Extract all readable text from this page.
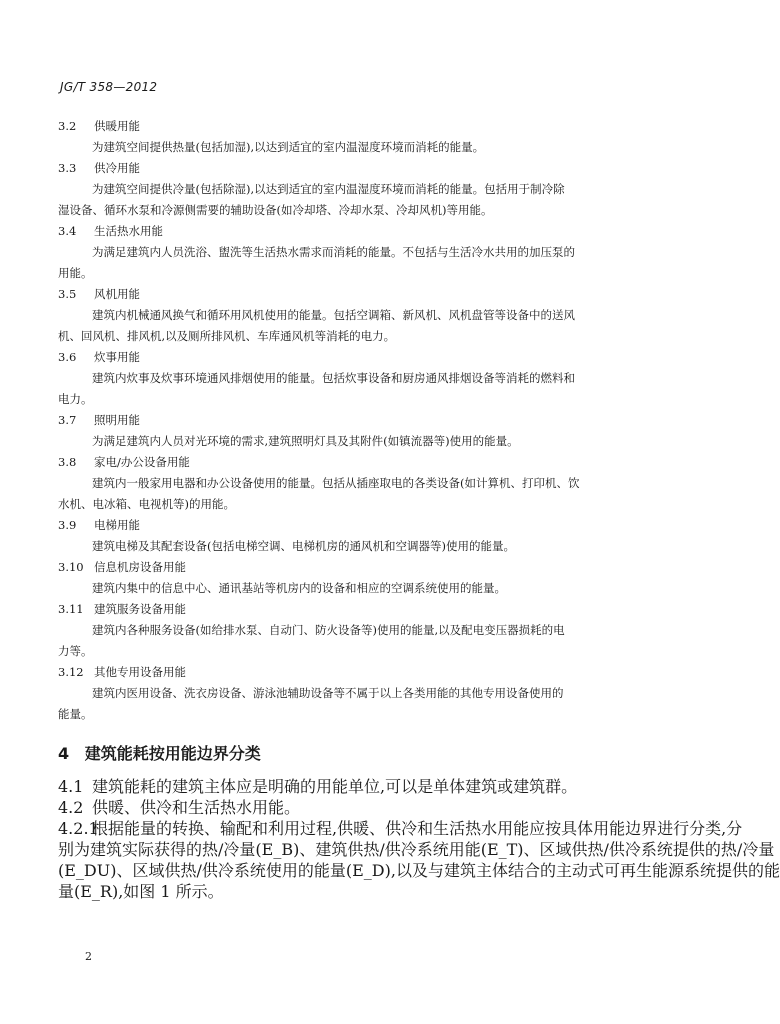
JG/T 358—2012
3.2 供暖用能
为建筑空间提供热量(包括加湿),以达到适宜的室内温湿度环境而消耗的能量。
3.3 供冷用能
为建筑空间提供冷量(包括除湿),以达到适宜的室内温湿度环境而消耗的能量。包括用于制冷除
湿设备、循环水泵和冷源侧需要的辅助设备(如冷却塔、冷却水泵、冷却风机)等用能。
3.4 生活热水用能
为满足建筑内人员洗浴、盥洗等生活热水需求而消耗的能量。不包括与生活冷水共用的加压泵的
用能。
3.5 风机用能
建筑内机械通风换气和循环用风机使用的能量。包括空调箱、新风机、风机盘管等设备中的送风
机、回风机、排风机,以及厕所排风机、车库通风机等消耗的电力。
3.6 炊事用能
建筑内炊事及炊事环境通风排烟使用的能量。包括炊事设备和厨房通风排烟设备等消耗的燃料和
电力。
3.7 照明用能
为满足建筑内人员对光环境的需求,建筑照明灯具及其附件(如镇流器等)使用的能量。
3.8 家电/办公设备用能
建筑内一般家用电器和办公设备使用的能量。包括从插座取电的各类设备(如计算机、打印机、饮
水机、电冰箱、电视机等)的用能。
3.9 电梯用能
建筑电梯及其配套设备(包括电梯空调、电梯机房的通风机和空调器等)使用的能量。
3.10 信息机房设备用能
建筑内集中的信息中心、通讯基站等机房内的设备和相应的空调系统使用的能量。
3.11 建筑服务设备用能
建筑内各种服务设备(如给排水泵、自动门、防火设备等)使用的能量,以及配电变压器损耗的电
力等。
3.12 其他专用设备用能
建筑内医用设备、洗衣房设备、游泳池辅助设备等不属于以上各类用能的其他专用设备使用的
能量。
4 建筑能耗按用能边界分类
4.1 建筑能耗的建筑主体应是明确的用能单位,可以是单体建筑或建筑群。
4.2 供暖、供冷和生活热水用能。
4.2.1根据能量的转换、输配和利用过程,供暖、供冷和生活热水用能应按具体用能边界进行分类,分
别为建筑实际获得的热/冷量(E_B)、建筑供热/供冷系统用能(E_T)、区域供热/供冷系统提供的热/冷量
(E_DU)、区域供热/供冷系统使用的能量(E_D),以及与建筑主体结合的主动式可再生能源系统提供的能
量(E_R),如图 1 所示。
2
